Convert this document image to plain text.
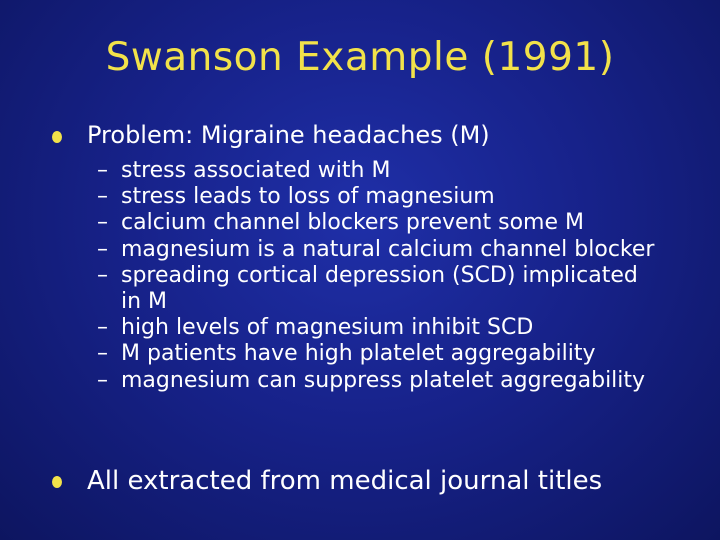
Swanson Example (1991)
Problem: Migraine headaches (M)
– stress associated with M
– stress leads to loss of magnesium
– calcium channel blockers prevent some M
– magnesium is a natural calcium channel blocker
– spreading cortical depression (SCD) implicated in M
– high levels of magnesium inhibit SCD
– M patients have high platelet aggregability
– magnesium can suppress platelet aggregability
All extracted from medical journal titles
